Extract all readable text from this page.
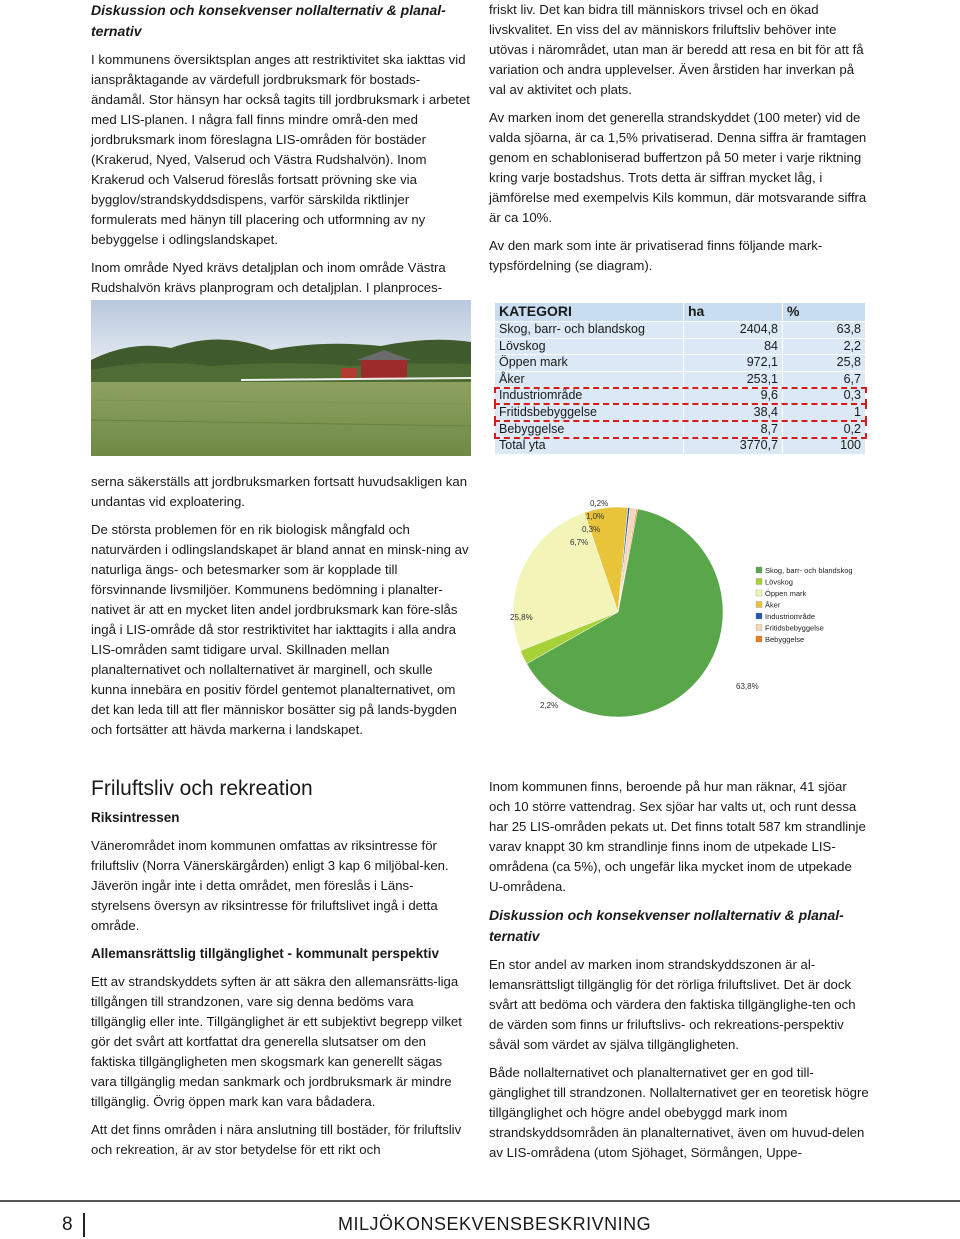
Diskussion och konsekvenser nollalternativ & planal-ternativ

I kommunens översiktsplan anges att restriktivitet ska iakttas vid ianspråktagande av värdefull jordbruksmark för bostads-ändamål. Stor hänsyn har också tagits till jordbruksmark i arbetet med LIS-planen. I några fall finns mindre områ-den med jordbruksmark inom föreslagna LIS-områden för bostäder (Krakerud, Nyed, Valserud och Västra Rudshalvön). Inom Krakerud och Valserud föreslås fortsatt prövning ske via bygglov/strandskyddsdispens, varför särskilda riktlinjer formulerats med hänyn till placering och utformning av ny bebyggelse i odlingslandskapet.

Inom område Nyed krävs detaljplan och inom område Västra Rudshalvön krävs planprogram och detaljplan. I planproces-

friskt liv. Det kan bidra till människors trivsel och en ökad livskvalitet. En viss del av människors friluftsliv behöver inte utövas i närområdet, utan man är beredd att resa en bit för att få variation och andra upplevelser. Även årstiden har inverkan på val av aktivitet och plats.

Av marken inom det generella strandskyddet (100 meter) vid de valda sjöarna, är ca 1,5% privatiserad. Denna siffra är framtagen genom en schabloniserad buffertzon på 50 meter i varje riktning kring varje bostadshus. Trots detta är siffran mycket låg, i jämförelse med exempelvis Kils kommun, där motsvarande siffra är ca 10%.

Av den mark som inte är privatiserad finns följande mark-typsfördelning (se diagram).

KATEGORI	ha	%
Skog, barr- och blandskog	2404,8	63,8
Lövskog	84	2,2
Öppen mark	972,1	25,8
Åker	253,1	6,7
Industriområde	9,6	0,3
Fritidsbebyggelse	38,4	1
Bebyggelse	8,7	0,2
Total yta	3770,7	100

serna säkerställs att jordbruksmarken fortsatt huvudsakligen kan undantas vid exploatering.

De största problemen för en rik biologisk mångfald och naturvärden i odlingslandskapet är bland annat en minsk-ning av naturliga ängs- och betesmarker som är kopplade till försvinnande livsmiljöer. Kommunens bedömning i planalter-nativet är att en mycket liten andel jordbruksmark kan före-slås ingå i LIS-område då stor restriktivitet har iakttagits i alla andra LIS-områden samt tidigare urval. Skillnaden mellan planalternativet och nollalternativet är marginell, och skulle kunna innebära en positiv fördel gentemot planalternativet, om det kan leda till att fler människor bosätter sig på lands-bygden och fortsätter att hävda markerna i landskapet.

63,8%
2,2%
25,8%
6,7%
0,3%
1,0%
0,2%
Skog, barr- och blandskog
Lövskog
Öppen mark
Åker
Industriområde
Fritidsbebyggelse
Bebyggelse
Friluftsliv och rekreation
Riksintressen

Vänerområdet inom kommunen omfattas av riksintresse för friluftsliv (Norra Vänerskärgården) enligt 3 kap 6 miljöbal-ken. Jäverön ingår inte i detta området, men föreslås i Läns-styrelsens översyn av riksintresse för friluftslivet ingå i detta område.

Allemansrättslig tillgänglighet - kommunalt perspektiv

Ett av strandskyddets syften är att säkra den allemansrätts-liga tillgången till strandzonen, vare sig denna bedöms vara tillgänglig eller inte. Tillgänglighet är ett subjektivt begrepp vilket gör det svårt att kortfattat dra generella slutsatser om den faktiska tillgängligheten men skogsmark kan generellt sägas vara tillgänglig medan sankmark och jordbruksmark är mindre tillgänglig. Övrig öppen mark kan vara bådadera.

Att det finns områden i nära anslutning till bostäder, för friluftsliv och rekreation, är av stor betydelse för ett rikt och

Inom kommunen finns, beroende på hur man räknar, 41 sjöar och 10 större vattendrag. Sex sjöar har valts ut, och runt dessa har 25 LIS-områden pekats ut. Det finns totalt 587 km strandlinje varav knappt 30 km strandlinje finns inom de utpekade LIS-områdena (ca 5%), och ungefär lika mycket inom de utpekade U-områdena.

Diskussion och konsekvenser nollalternativ & planal-ternativ

En stor andel av marken inom strandskyddszonen är al-lemansrättsligt tillgänglig för det rörliga friluftslivet. Det är dock svårt att bedöma och värdera den faktiska tillgänglighe-ten och de värden som finns ur friluftslivs- och rekreations-perspektiv såväl som värdet av själva tillgängligheten.

Både nollalternativet och planalternativet ger en god till-gänglighet till strandzonen. Nollalternativet ger en teoretisk högre tillgänglighet och högre andel obebyggd mark inom strandskyddsområden än planalternativet, även om huvud-delen av LIS-områdena (utom Sjöhaget, Sörmången, Uppe-

8	MILJÖKONSEKVENSBESKRIVNING
